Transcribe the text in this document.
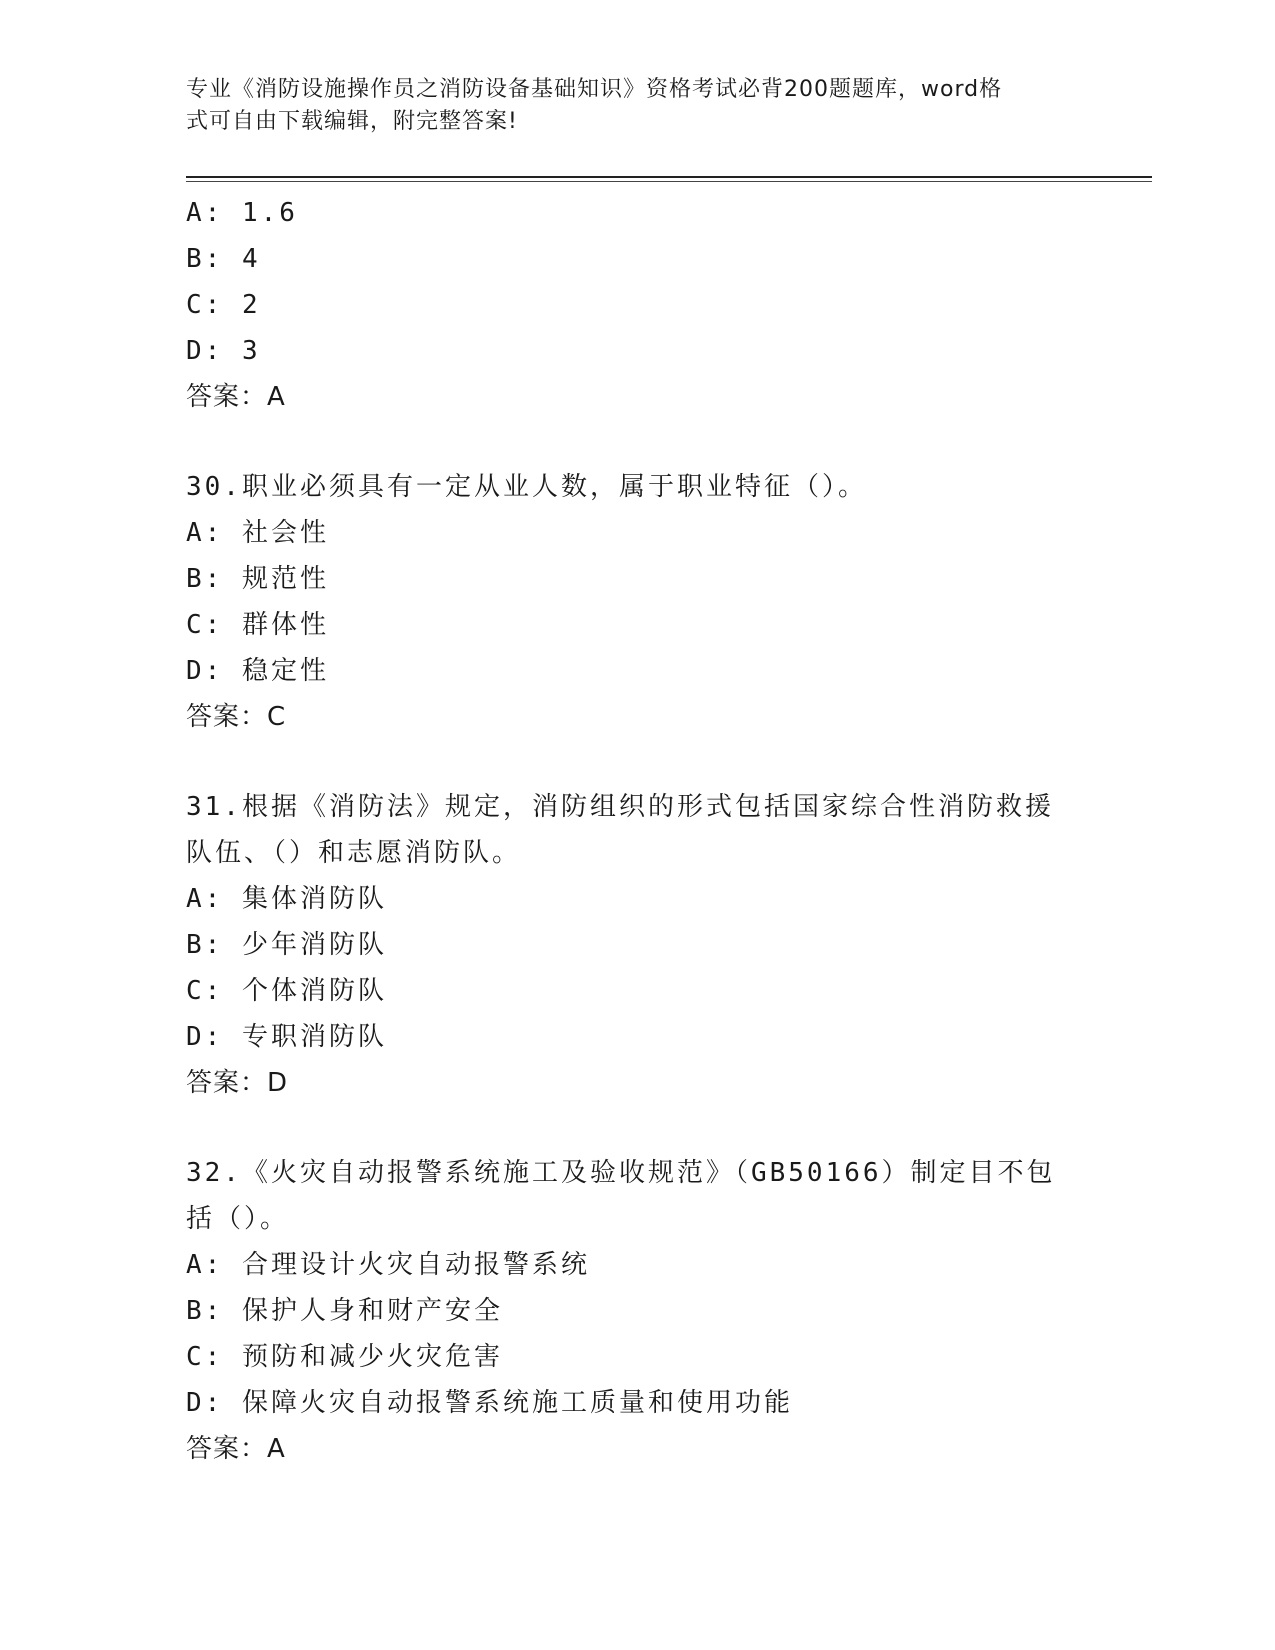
专业《消防设施操作员之消防设备基础知识》资格考试必背200题题库，word格
式可自由下载编辑，附完整答案!
A: 1.6
B: 4
C: 2
D: 3
答案：A
30.职业必须具有一定从业人数，属于职业特征（）。
A: 社会性
B: 规范性
C: 群体性
D: 稳定性
答案：C
31.根据《消防法》规定，消防组织的形式包括国家综合性消防救援队伍、（）和志愿消防队。
A: 集体消防队
B: 少年消防队
C: 个体消防队
D: 专职消防队
答案：D
32.《火灾自动报警系统施工及验收规范》（GB50166）制定目不包括（）。
A: 合理设计火灾自动报警系统
B: 保护人身和财产安全
C: 预防和减少火灾危害
D: 保障火灾自动报警系统施工质量和使用功能
答案：A
